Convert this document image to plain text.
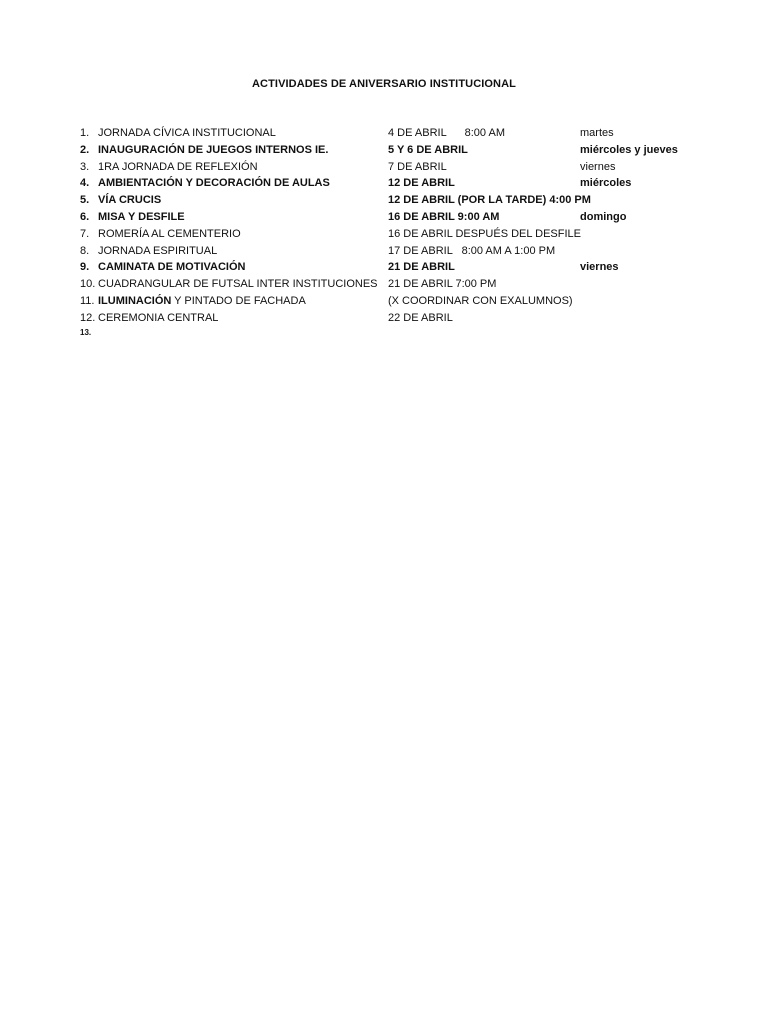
ACTIVIDADES DE ANIVERSARIO INSTITUCIONAL
1. JORNADA CÍVICA INSTITUCIONAL	4 DE ABRIL      8:00 AM	martes
2. INAUGURACIÓN DE JUEGOS INTERNOS IE.	5 Y 6 DE ABRIL	miércoles y jueves
3. 1RA JORNADA DE REFLEXIÓN	7 DE ABRIL	viernes
4. AMBIENTACIÓN Y DECORACIÓN DE AULAS	12 DE ABRIL	miércoles
5. VÍA CRUCIS	12 DE ABRIL (POR LA TARDE) 4:00 PM
6. MISA Y DESFILE	16 DE ABRIL 9:00 AM	domingo
7. ROMERÍA AL CEMENTERIO	16 DE ABRIL DESPUÉS DEL DESFILE
8. JORNADA ESPIRITUAL	17 DE ABRIL   8:00 AM A 1:00 PM
9. CAMINATA DE MOTIVACIÓN	21 DE ABRIL	viernes
10. CUADRANGULAR DE FUTSAL INTER INSTITUCIONES 21 DE ABRIL 7:00 PM
11. ILUMINACIÓN Y PINTADO DE FACHADA	(X COORDINAR CON EXALUMNOS)
12. CEREMONIA CENTRAL	22 DE ABRIL
13.
